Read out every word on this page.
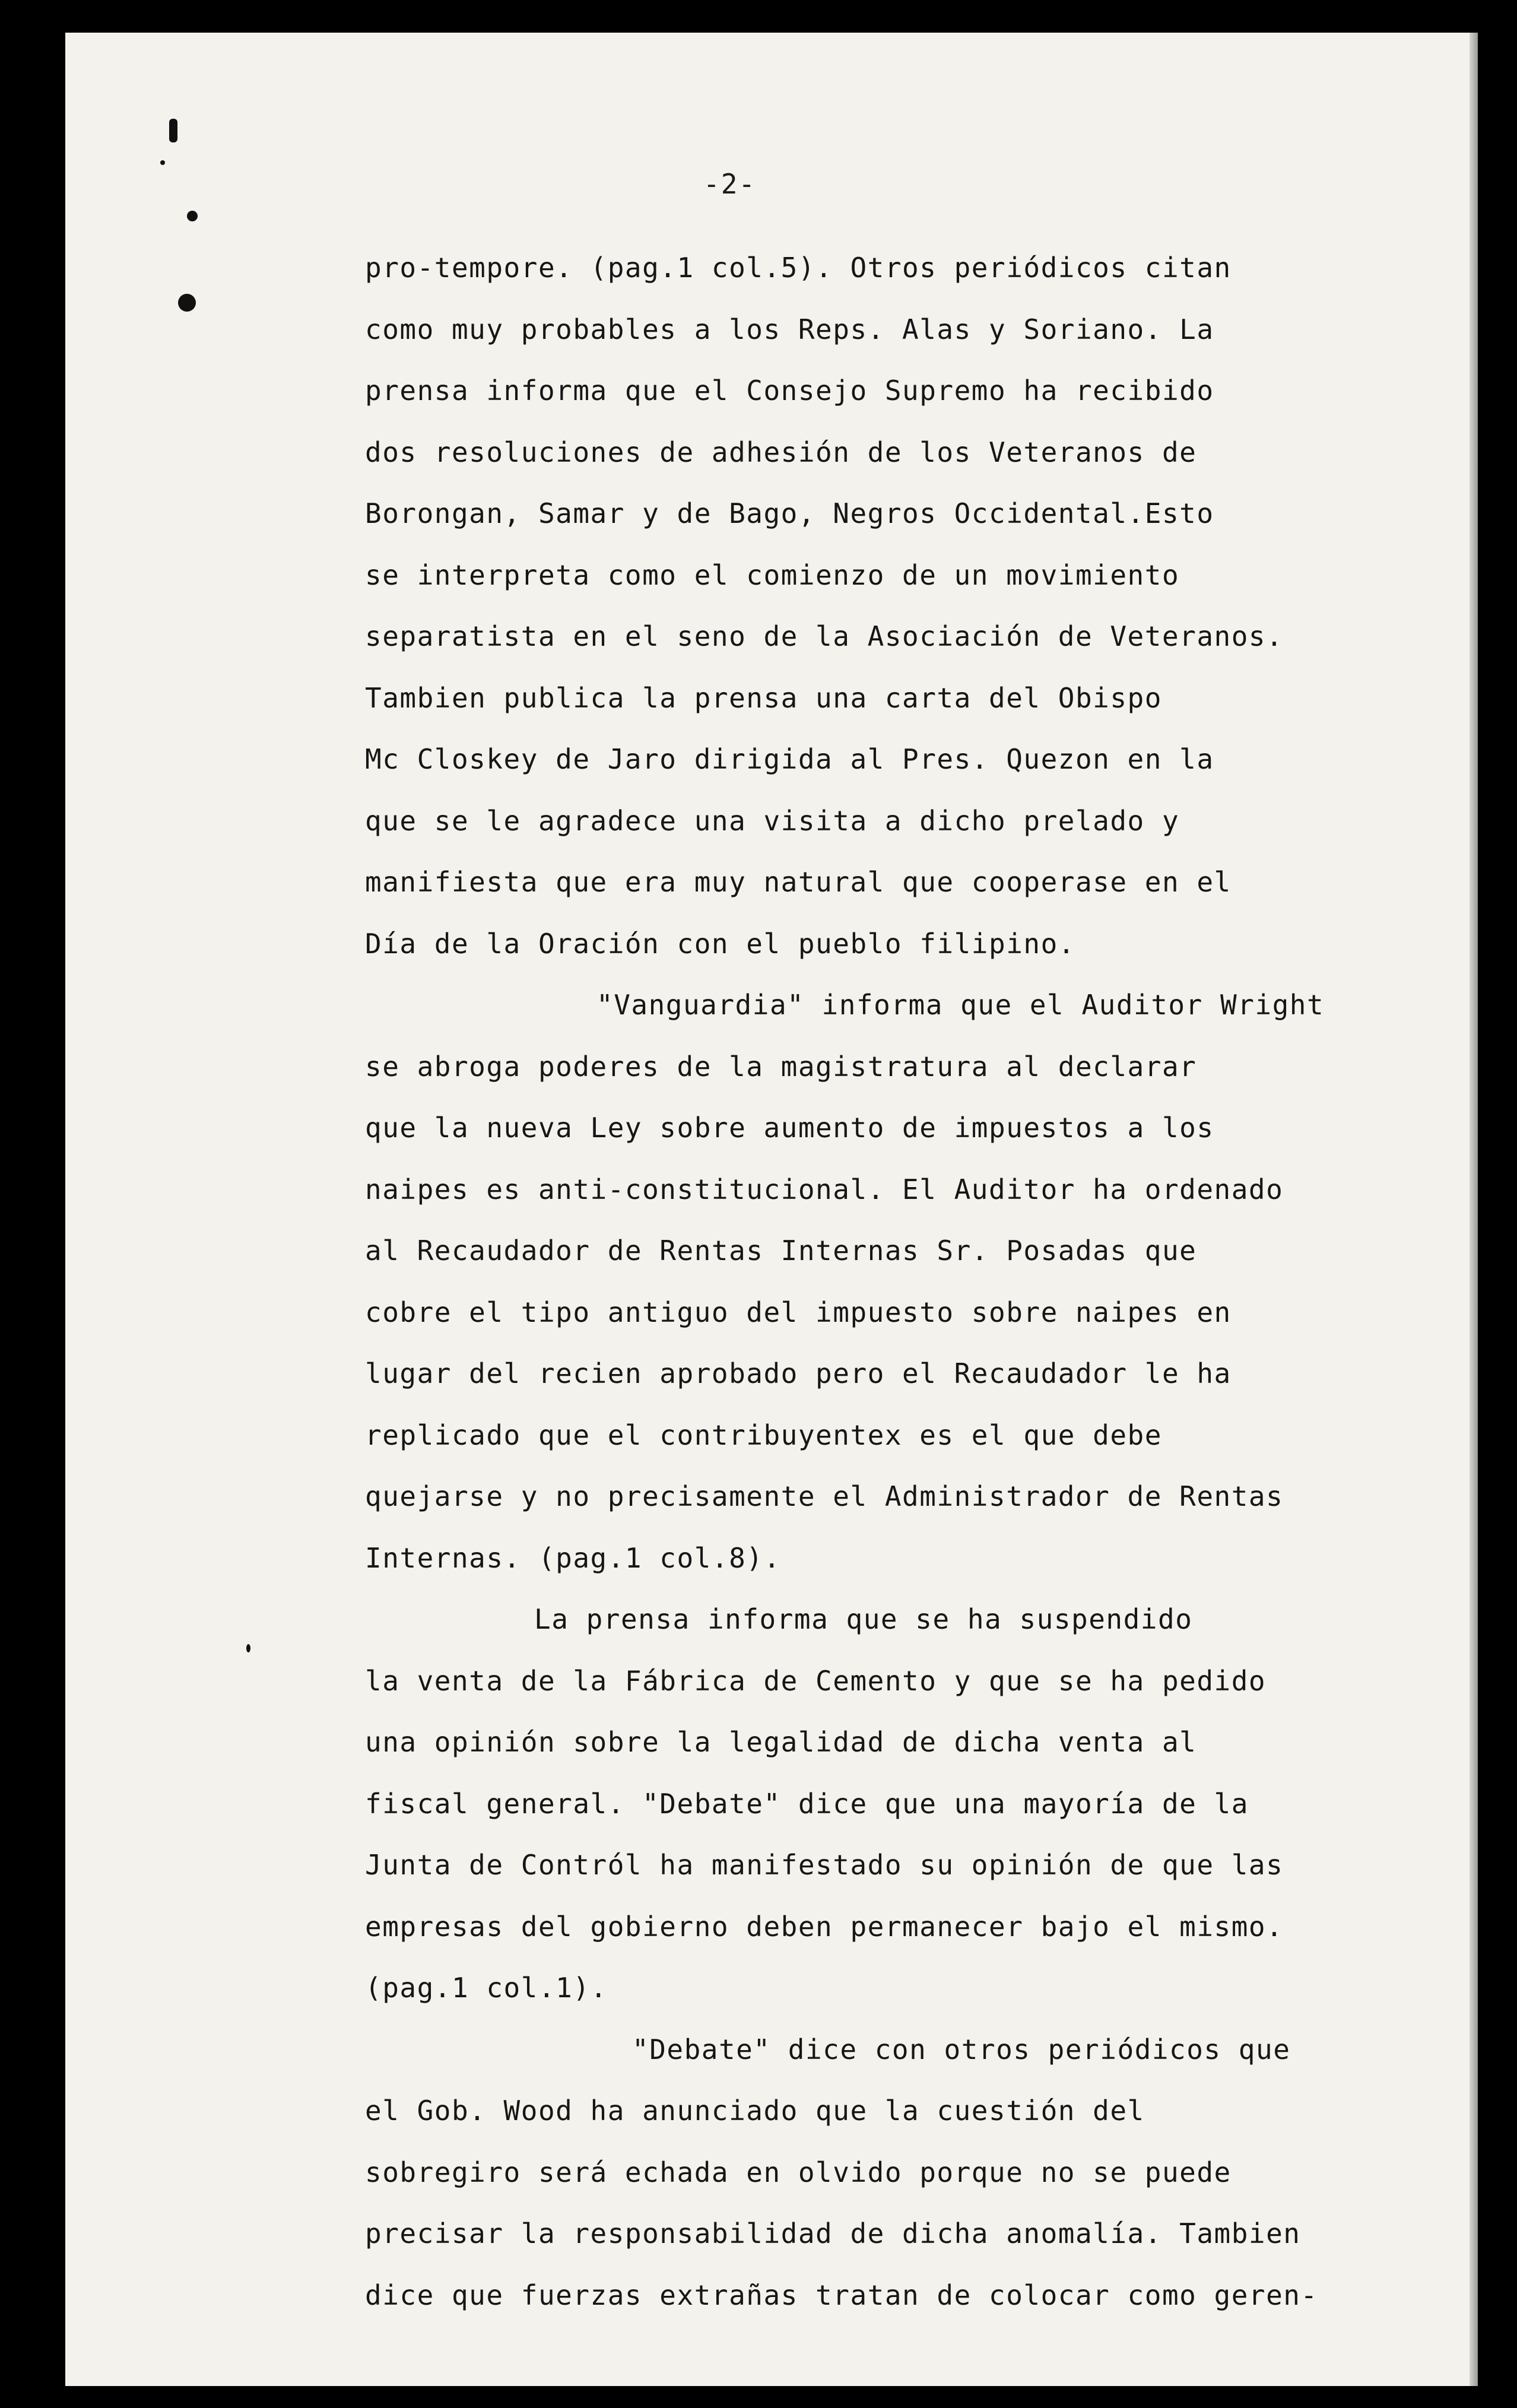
-2-
pro-tempore. (pag.1 col.5). Otros periódicos citan
como muy probables a los Reps. Alas y Soriano. La
prensa informa que el Consejo Supremo ha recibido
dos resoluciones de adhesión de los Veteranos de
Borongan, Samar y de Bago, Negros Occidental.Esto
se interpreta como el comienzo de un movimiento
separatista en el seno de la Asociación de Veteranos.
Tambien publica la prensa una carta del Obispo
Mc Closkey de Jaro dirigida al Pres. Quezon en la
que se le agradece una visita a dicho prelado y
manifiesta que era muy natural que cooperase en el
Día de la Oración con el pueblo filipino.
"Vanguardia" informa que el Auditor Wright
se abroga poderes de la magistratura al declarar
que la nueva Ley sobre aumento de impuestos a los
naipes es anti-constitucional. El Auditor ha ordenado
al Recaudador de Rentas Internas Sr. Posadas que
cobre el tipo antiguo del impuesto sobre naipes en
lugar del recien aprobado pero el Recaudador le ha
replicado que el contribuyentex es el que debe
quejarse y no precisamente el Administrador de Rentas
Internas. (pag.1 col.8).
La prensa informa que se ha suspendido
la venta de la Fábrica de Cemento y que se ha pedido
una opinión sobre la legalidad de dicha venta al
fiscal general. "Debate" dice que una mayoría de la
Junta de Contról ha manifestado su opinión de que las
empresas del gobierno deben permanecer bajo el mismo.
(pag.1 col.1).
"Debate" dice con otros periódicos que
el Gob. Wood ha anunciado que la cuestión del
sobregiro será echada en olvido porque no se puede
precisar la responsabilidad de dicha anomalía. Tambien
dice que fuerzas extrañas tratan de colocar como geren-
